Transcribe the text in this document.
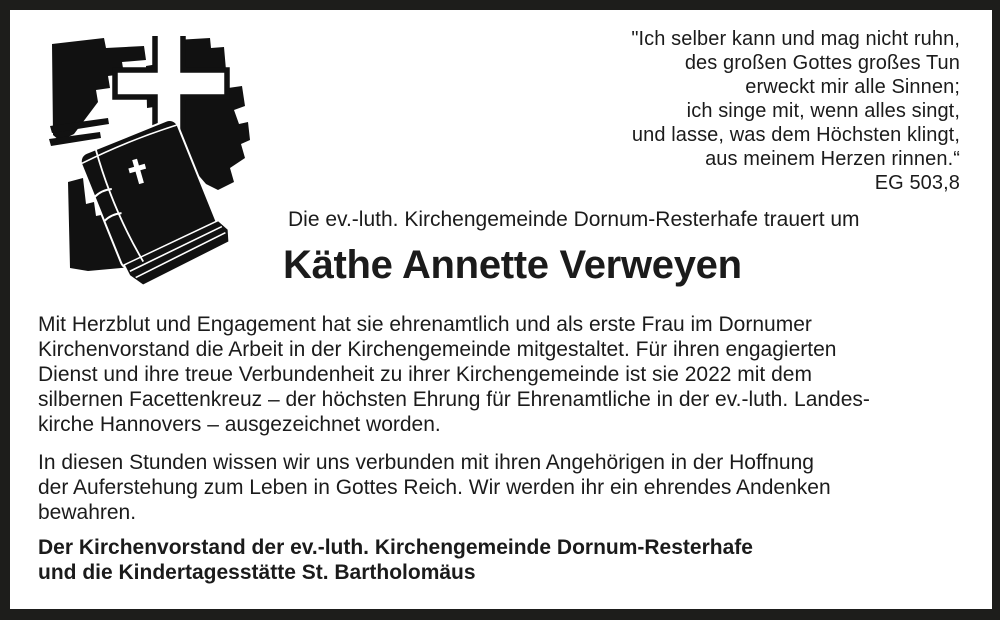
"Ich selber kann und mag nicht ruhn,
des großen Gottes großes Tun
erweckt mir alle Sinnen;
ich singe mit, wenn alles singt,
und lasse, was dem Höchsten klingt,
aus meinem Herzen rinnen.“
EG 503,8
Die ev.-luth. Kirchengemeinde Dornum-Resterhafe trauert um
Käthe Annette Verweyen
Mit Herzblut und Engagement hat sie ehrenamtlich und als erste Frau im Dornumer
Kirchenvorstand die Arbeit in der Kirchengemeinde mitgestaltet. Für ihren engagierten
Dienst und ihre treue Verbundenheit zu ihrer Kirchengemeinde ist sie 2022 mit dem
silbernen Facettenkreuz – der höchsten Ehrung für Ehrenamtliche in der ev.-luth. Landes-
kirche Hannovers – ausgezeichnet worden.
In diesen Stunden wissen wir uns verbunden mit ihren Angehörigen in der Hoffnung
der Auferstehung zum Leben in Gottes Reich. Wir werden ihr ein ehrendes Andenken
bewahren.
Der Kirchenvorstand der ev.-luth. Kirchengemeinde Dornum-Resterhafe
und die Kindertagesstätte St. Bartholomäus
